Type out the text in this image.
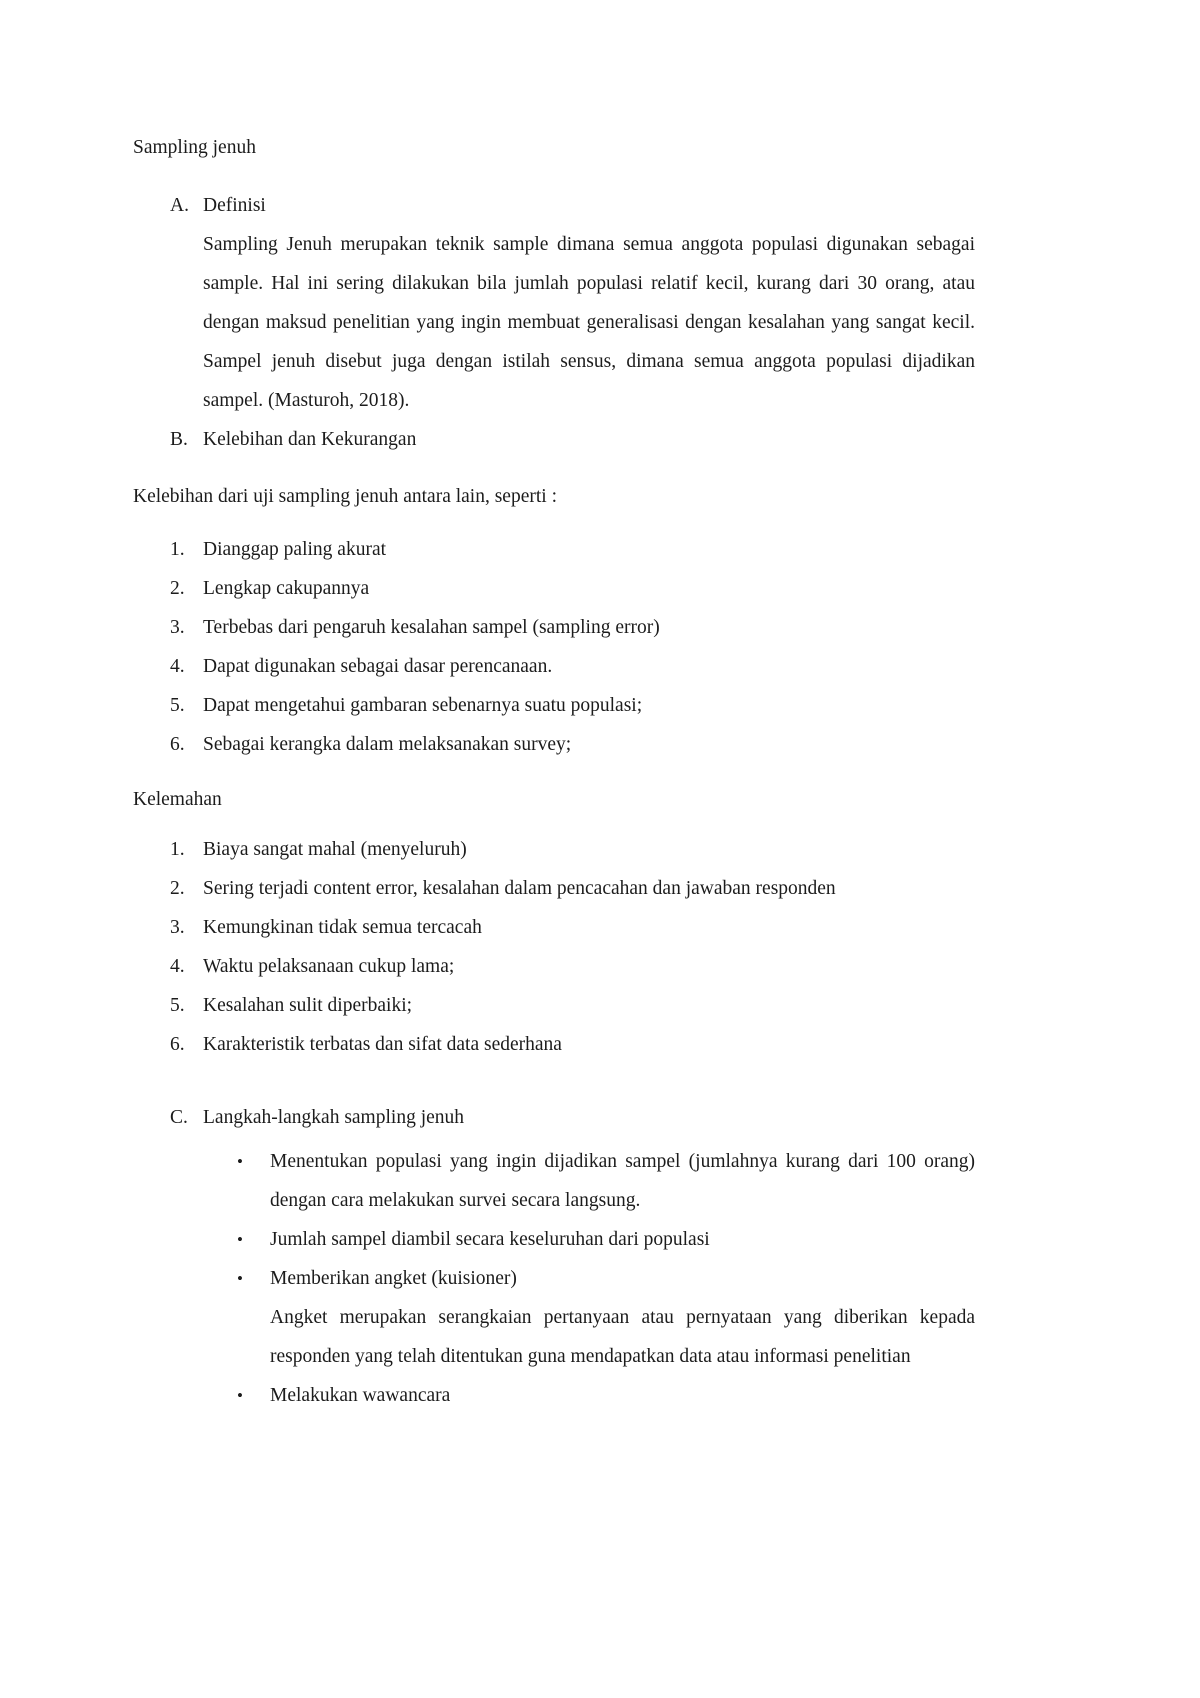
Sampling jenuh

A. Definisi

Sampling Jenuh merupakan teknik sample dimana semua anggota populasi digunakan sebagai sample. Hal ini sering dilakukan bila jumlah populasi relatif kecil, kurang dari 30 orang, atau dengan maksud penelitian yang ingin membuat generalisasi dengan kesalahan yang sangat kecil. Sampel jenuh disebut juga dengan istilah sensus, dimana semua anggota populasi dijadikan sampel. (Masturoh, 2018).

B. Kelebihan dan Kekurangan

Kelebihan dari uji sampling jenuh antara lain, seperti :

1. Dianggap paling akurat
2. Lengkap cakupannya
3. Terbebas dari pengaruh kesalahan sampel (sampling error)
4. Dapat digunakan sebagai dasar perencanaan.
5. Dapat mengetahui gambaran sebenarnya suatu populasi;
6. Sebagai kerangka dalam melaksanakan survey;

Kelemahan

1. Biaya sangat mahal (menyeluruh)
2. Sering terjadi content error, kesalahan dalam pencacahan dan jawaban responden
3. Kemungkinan tidak semua tercacah
4. Waktu pelaksanaan cukup lama;
5. Kesalahan sulit diperbaiki;
6. Karakteristik terbatas dan sifat data sederhana
C. Langkah-langkah sampling jenuh
•	Menentukan populasi yang ingin dijadikan sampel (jumlahnya kurang dari 100 orang) dengan cara melakukan survei secara langsung.
•	Jumlah sampel diambil secara keseluruhan dari populasi
•	Memberikan angket (kuisioner)

Angket merupakan serangkaian pertanyaan atau pernyataan yang diberikan kepada responden yang telah ditentukan guna mendapatkan data atau informasi penelitian

•	Melakukan wawancara
